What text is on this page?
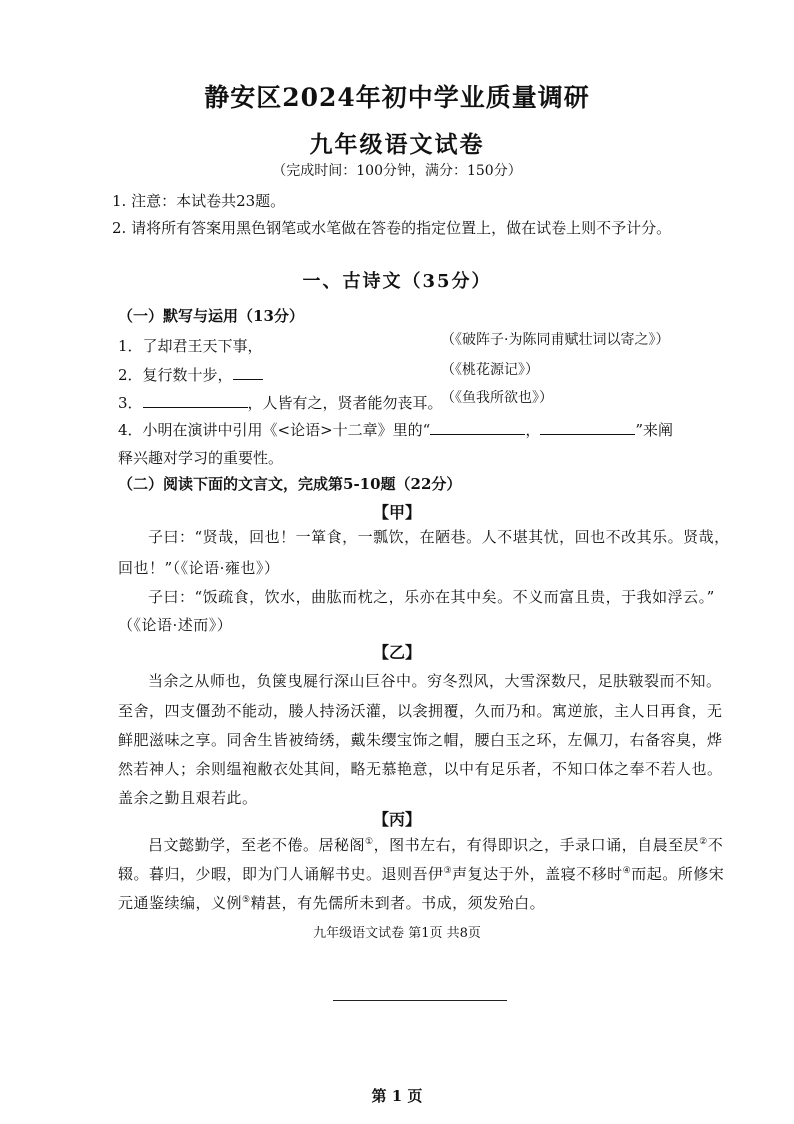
静安区2024年初中学业质量调研
九年级语文试卷
（完成时间：100分钟，满分：150分）
1. 注意：本试卷共23题。
2. 请将所有答案用黑色钢笔或水笔做在答卷的指定位置上，做在试卷上则不予计分。
一、古诗文（35分）
（一）默写与运用（13分）
1．了却君王天下事，	（《破阵子·为陈同甫赋壮词以寄之》）
2．复行数十步，	（《桃花源记》）
3．	，人皆有之，贤者能勿丧耳。
（《鱼我所欲也》）
4．小明在演讲中引用《<论语>十二章》里的“	，	”来阐
释兴趣对学习的重要性。
（二）阅读下面的文言文，完成第5-10题（22分）
【甲】
子曰：“贤哉，回也！一箪食，一瓢饮，在陋巷。人不堪其忧，回也不改其乐。贤哉，
回也！”（《论语·雍也》）
子曰：“饭疏食，饮水，曲肱而枕之，乐亦在其中矣。不义而富且贵，于我如浮云。”
（《论语·述而》）
【乙】
当余之从师也，负箧曳屣行深山巨谷中。穷冬烈风，大雪深数尺，足肤皲裂而不知。
至舍，四支僵劲不能动，媵人持汤沃灌，以衾拥覆，久而乃和。寓逆旅，主人日再食，无
鲜肥滋味之享。同舍生皆被绮绣，戴朱缨宝饰之帽，腰白玉之环，左佩刀，右备容臭，烨
然若神人；余则缊袍敝衣处其间，略无慕艳意，以中有足乐者，不知口体之奉不若人也。
盖余之勤且艰若此。
【丙】
吕文懿勤学，至老不倦。居秘阁①，图书左右，有得即识之，手录口诵，自晨至昃②不
辍。暮归，少暇，即为门人诵解书史。退则吾伊③声复达于外，盖寝不移时④而起。所修宋
元通鉴续编，义例⑤精甚，有先儒所未到者。书成，须发殆白。
九年级语文试卷 第1页 共8页
第 1 页
